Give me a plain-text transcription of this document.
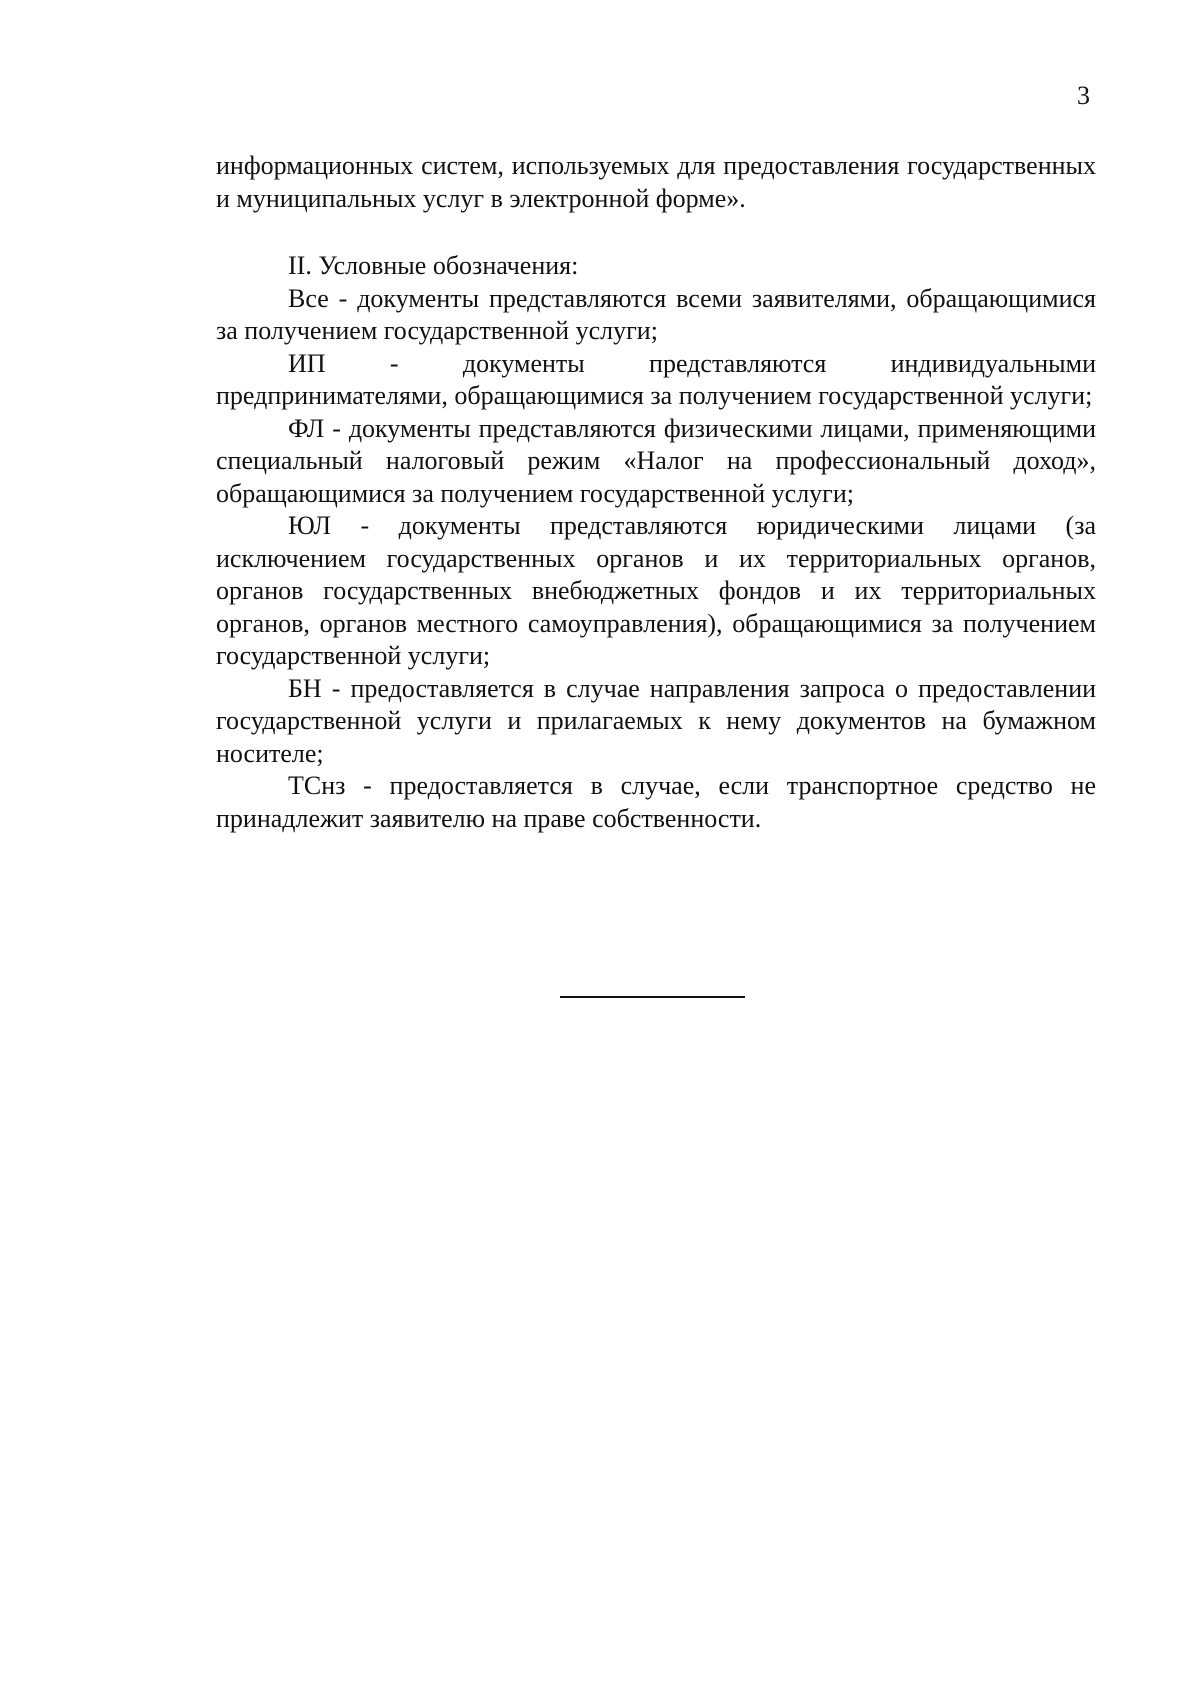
3

информационных систем, используемых для предоставления государственных и муниципальных услуг в электронной форме».

II. Условные обозначения:

Все - документы представляются всеми заявителями, обращающимися за получением государственной услуги;

ИП - документы представляются индивидуальными предпринимателями, обращающимися за получением государственной услуги;

ФЛ - документы представляются физическими лицами, применяющими специальный налоговый режим «Налог на профессиональный доход», обращающимися за получением государственной услуги;

ЮЛ - документы представляются юридическими лицами (за исключением государственных органов и их территориальных органов, органов государственных внебюджетных фондов и их территориальных органов, органов местного самоуправления), обращающимися за получением государственной услуги;

БН - предоставляется в случае направления запроса о предоставлении государственной услуги и прилагаемых к нему документов на бумажном носителе;

ТСнз - предоставляется в случае, если транспортное средство не принадлежит заявителю на праве собственности.
